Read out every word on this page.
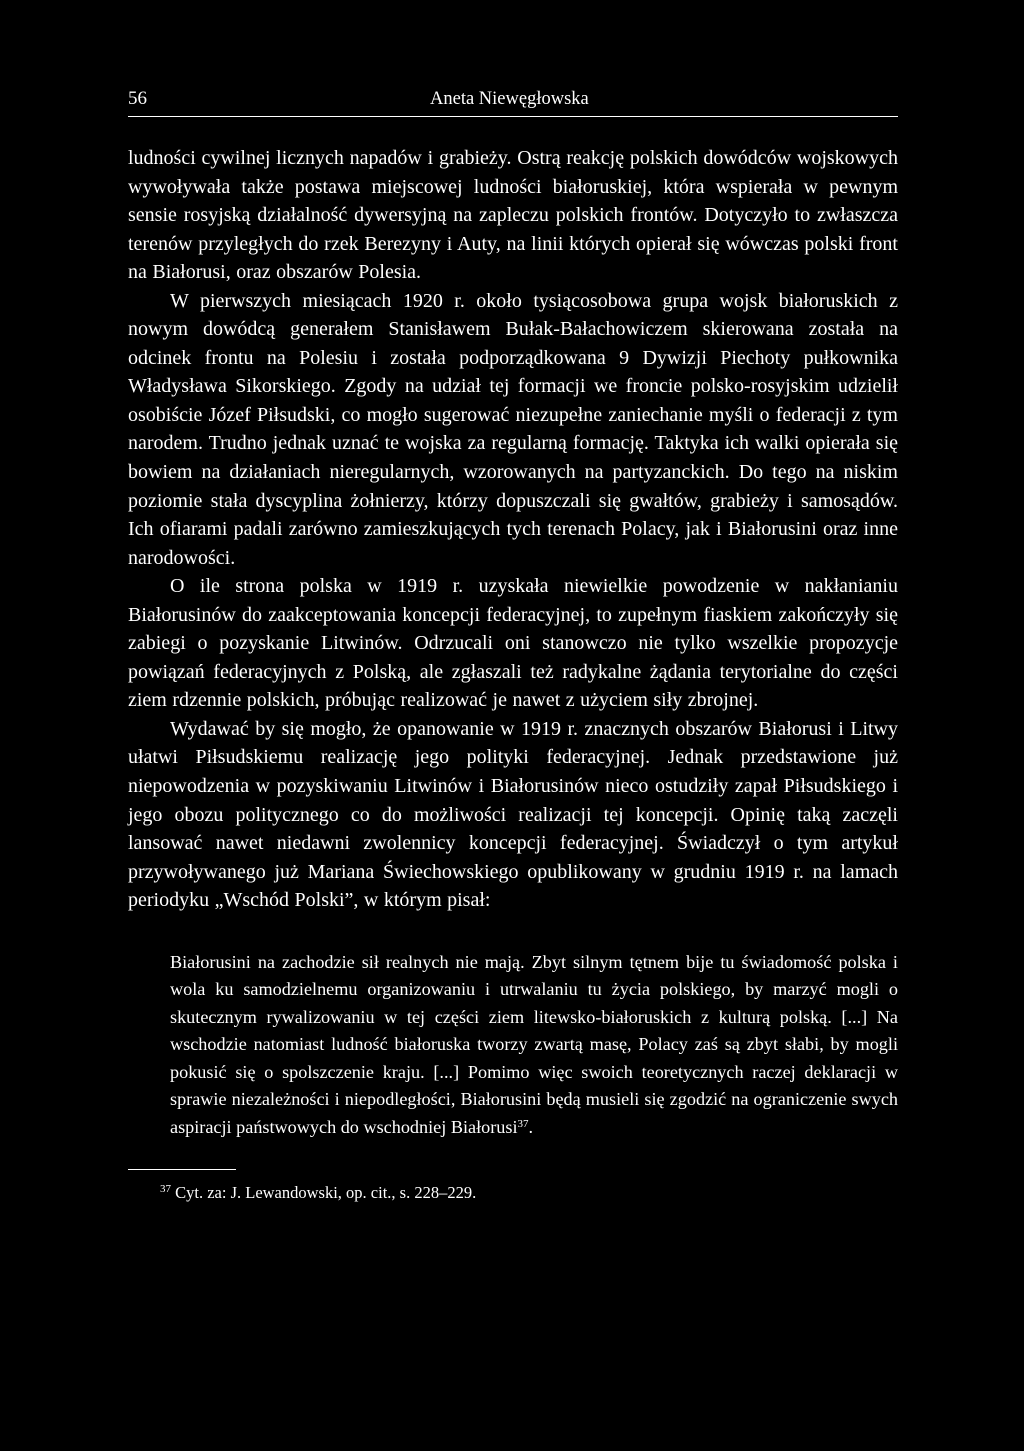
56	Aneta Niewęgłowska

ludności cywilnej licznych napadów i grabieży. Ostrą reakcję polskich dowódców wojskowych wywoływała także postawa miejscowej ludności białoruskiej, która wspierała w pewnym sensie rosyjską działalność dywersyjną na zapleczu polskich frontów. Dotyczyło to zwłaszcza terenów przyległych do rzek Berezyny i Auty, na linii których opierał się wówczas polski front na Białorusi, oraz obszarów Polesia.

W pierwszych miesiącach 1920 r. około tysiącosobowa grupa wojsk białoruskich z nowym dowódcą generałem Stanisławem Bułak-Bałachowiczem skierowana została na odcinek frontu na Polesiu i została podporządkowana 9 Dywizji Piechoty pułkownika Władysława Sikorskiego. Zgody na udział tej formacji we froncie polsko-rosyjskim udzielił osobiście Józef Piłsudski, co mogło sugerować niezupełne zaniechanie myśli o federacji z tym narodem. Trudno jednak uznać te wojska za regularną formację. Taktyka ich walki opierała się bowiem na działaniach nieregularnych, wzorowanych na partyzanckich. Do tego na niskim poziomie stała dyscyplina żołnierzy, którzy dopuszczali się gwałtów, grabieży i samosądów. Ich ofiarami padali zarówno zamieszkujących tych terenach Polacy, jak i Białorusini oraz inne narodowości.

O ile strona polska w 1919 r. uzyskała niewielkie powodzenie w nakłanianiu Białorusinów do zaakceptowania koncepcji federacyjnej, to zupełnym fiaskiem zakończyły się zabiegi o pozyskanie Litwinów. Odrzucali oni stanowczo nie tylko wszelkie propozycje powiązań federacyjnych z Polską, ale zgłaszali też radykalne żądania terytorialne do części ziem rdzennie polskich, próbując realizować je nawet z użyciem siły zbrojnej.

Wydawać by się mogło, że opanowanie w 1919 r. znacznych obszarów Białorusi i Litwy ułatwi Piłsudskiemu realizację jego polityki federacyjnej. Jednak przedstawione już niepowodzenia w pozyskiwaniu Litwinów i Białorusinów nieco ostudziły zapał Piłsudskiego i jego obozu politycznego co do możliwości realizacji tej koncepcji. Opinię taką zaczęli lansować nawet niedawni zwolennicy koncepcji federacyjnej. Świadczył o tym artykuł przywoływanego już Mariana Świechowskiego opublikowany w grudniu 1919 r. na lamach periodyku „Wschód Polski”, w którym pisał:

Białorusini na zachodzie sił realnych nie mają. Zbyt silnym tętnem bije tu świadomość polska i wola ku samodzielnemu organizowaniu i utrwalaniu tu życia polskiego, by marzyć mogli o skutecznym rywalizowaniu w tej części ziem litewsko-białoruskich z kulturą polską. [...] Na wschodzie natomiast ludność białoruska tworzy zwartą masę, Polacy zaś są zbyt słabi, by mogli pokusić się o spolszczenie kraju. [...] Pomimo więc swoich teoretycznych raczej deklaracji w sprawie niezależności i niepodległości, Białorusini będą musieli się zgodzić na ograniczenie swych aspiracji państwowych do wschodniej Białorusi$^{37}$.
$^{37}$ Cyt. za: J. Lewandowski, op. cit., s. 228–229.
